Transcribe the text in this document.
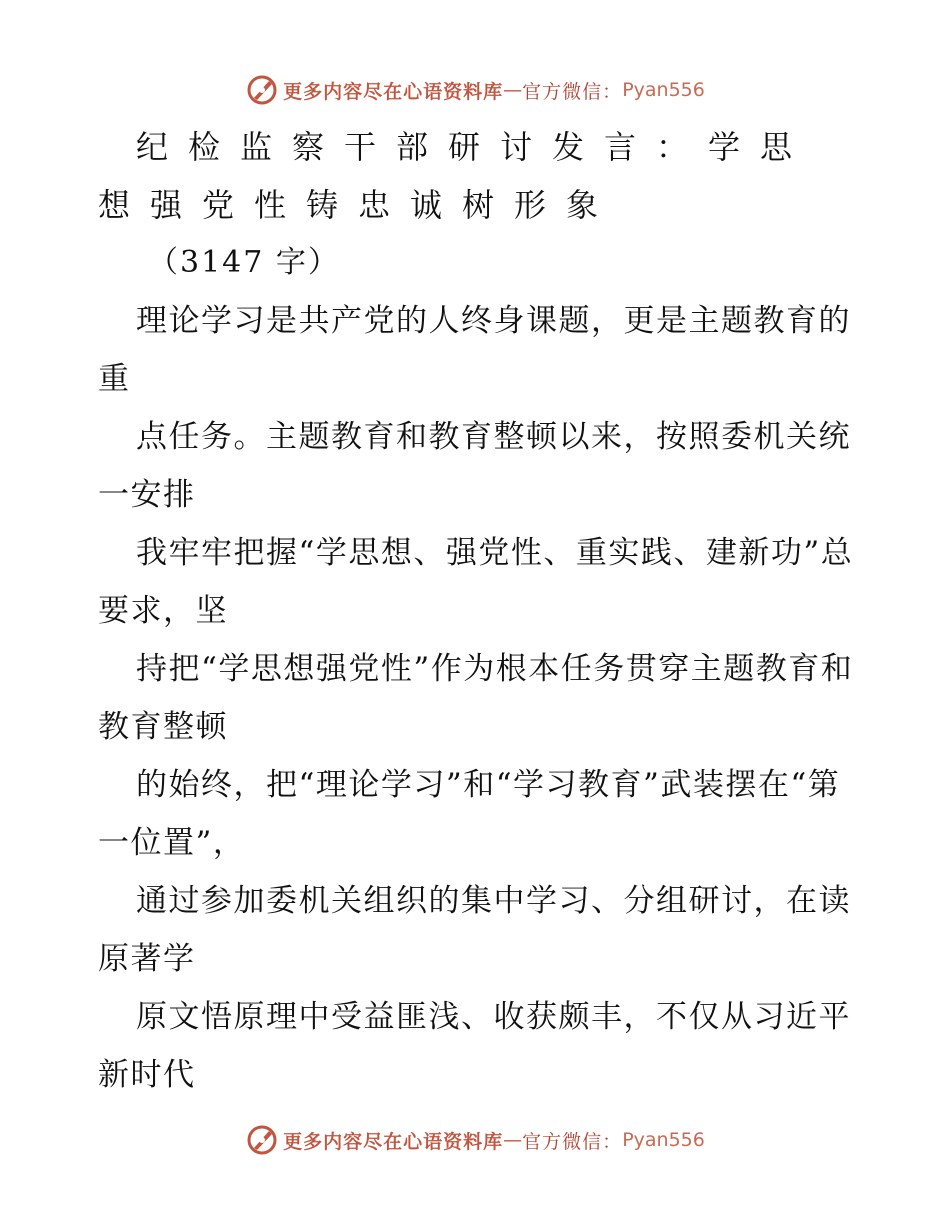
更多内容尽在心语资料库 — 官方微信： Pyan556
纪检监察干部研讨发言：学思想强党性铸忠诚树形象

（3147 字）

理论学习是共产党的人终身课题，更是主题教育的重

点任务。主题教育和教育整顿以来，按照委机关统一安排

我牢牢把握“学思想、强党性、重实践、建新功”总要求，坚

持把“学思想强党性”作为根本任务贯穿主题教育和教育整顿

的始终，把“理论学习”和“学习教育”武装摆在“第一位置”，

通过参加委机关组织的集中学习、分组研讨，在读原著学

原文悟原理中受益匪浅、收获颇丰，不仅从习近平新时代

更多内容尽在心语资料库 — 官方微信： Pyan556
